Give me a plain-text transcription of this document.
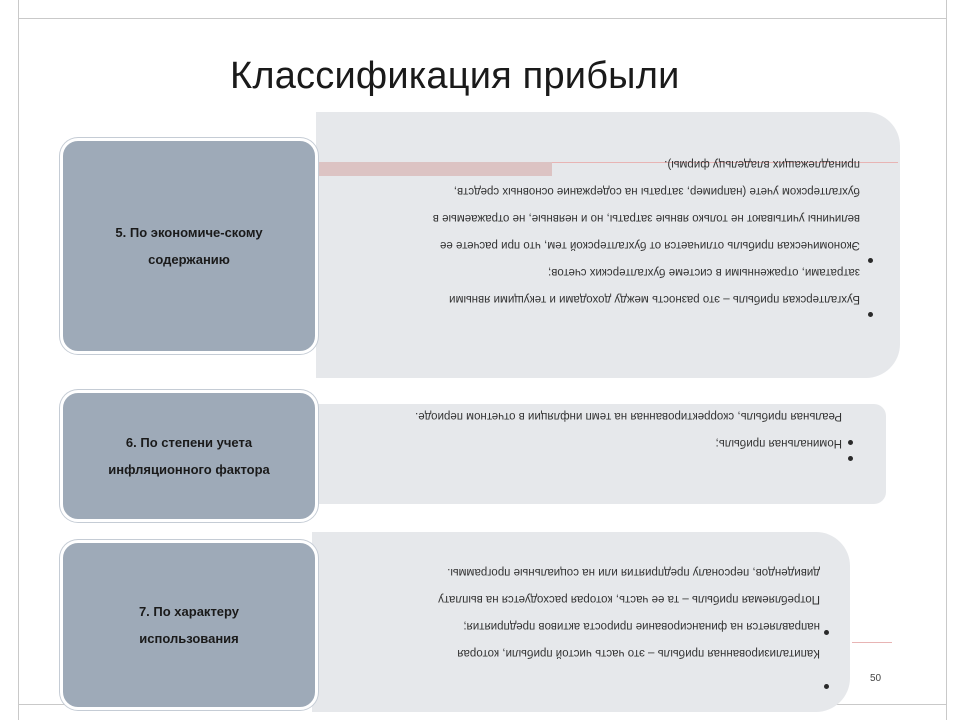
Классификация прибыли
5. По экономиче-скому
содержанию
Бухгалтерская прибыль – это разность между доходами и текущими явными
затратами, отраженными в системе бухгалтерских счетов;
Экономическая прибыль отличается от бухгалтерской тем, что при расчете ее
величины учитывают не только явные затраты, но и неявные, не отражаемые в
бухгалтерском учете (например, затраты на содержание основных средств,
принадлежащих владельцу фирмы).
6. По степени учета
инфляционного фактора
Номинальная прибыль;
Реальная прибыль, скорректированная на темп инфляции в отчетном периоде.
7. По характеру
использования
Капитализированная прибыль – это часть чистой прибыли, которая
направляется на финансирование прироста активов предприятия;
Потребляемая прибыль – та ее часть, которая расходуется на выплату
дивидендов, персоналу предприятия или на социальные программы.
50
